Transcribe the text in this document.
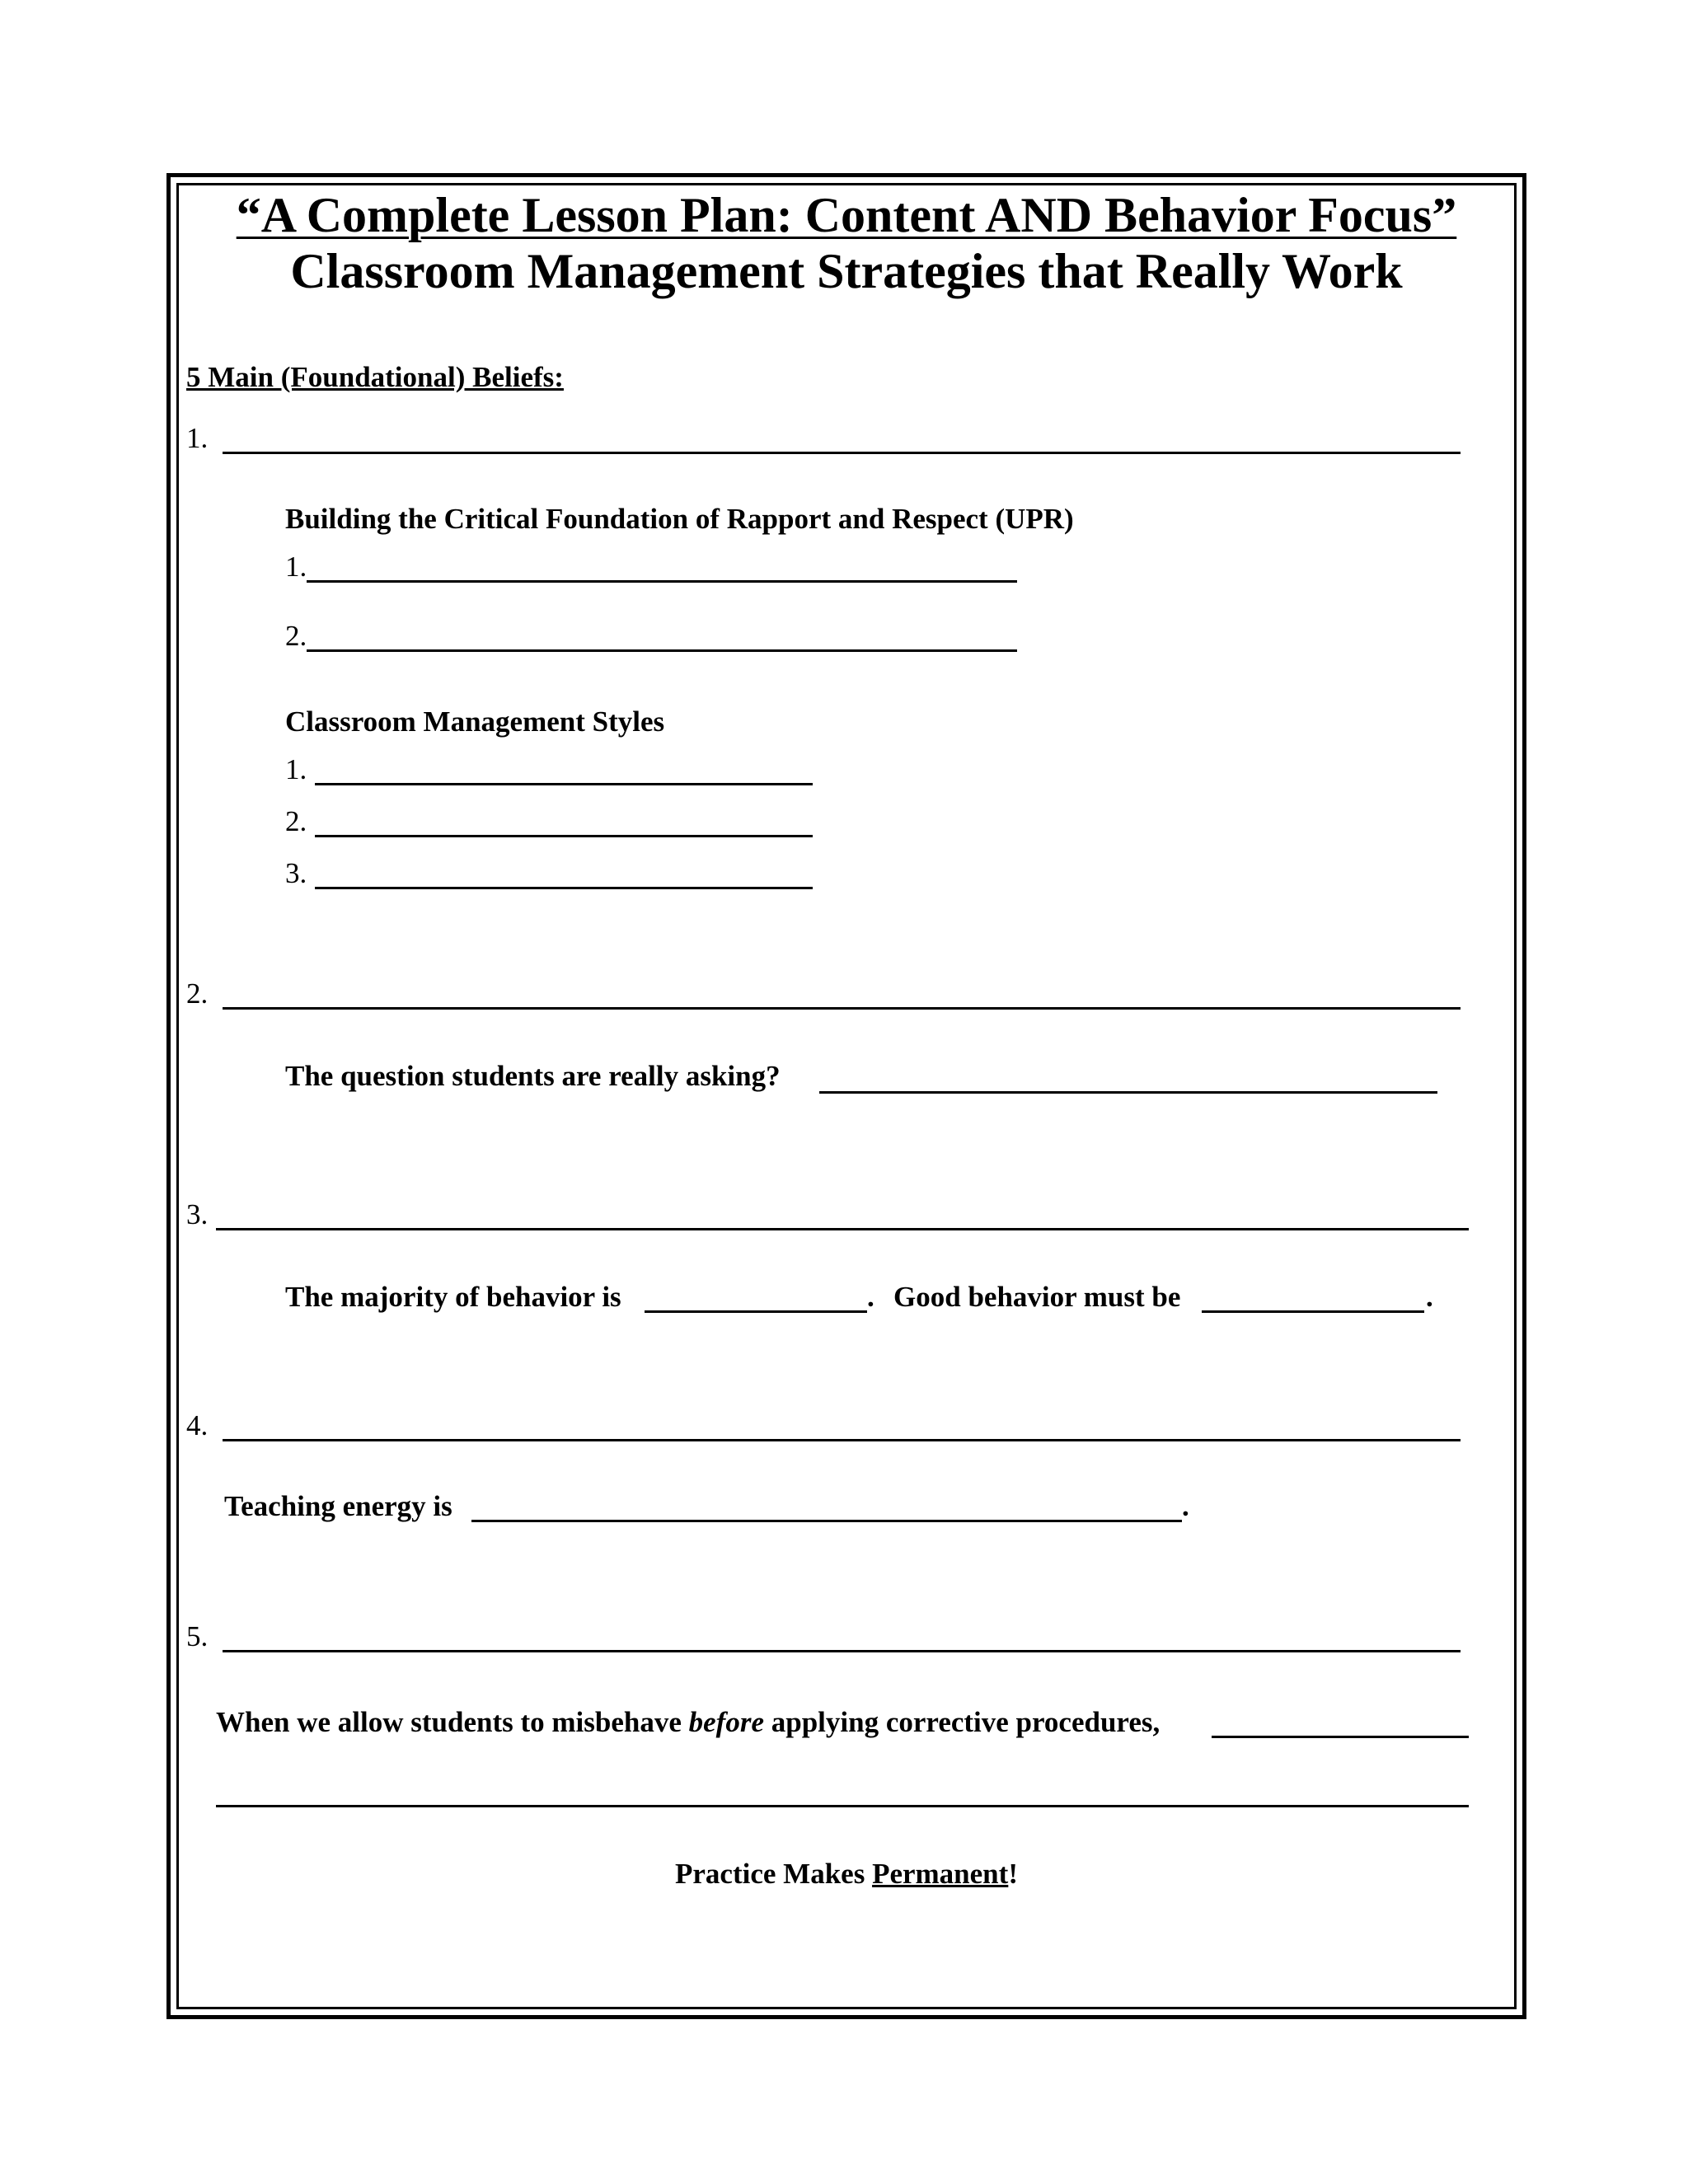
“A Complete Lesson Plan: Content AND Behavior Focus”
Classroom Management Strategies that Really Work
5 Main (Foundational) Beliefs:
1.
Building the Critical Foundation of Rapport and Respect (UPR)
1.
2.
Classroom Management Styles
1.
2.
3.
2.
The question students are really asking?
3.
The majority of behavior is	. Good behavior must be	.
4.
Teaching energy is	.
5.
When we allow students to misbehave before applying corrective procedures,
Practice Makes Permanent!
